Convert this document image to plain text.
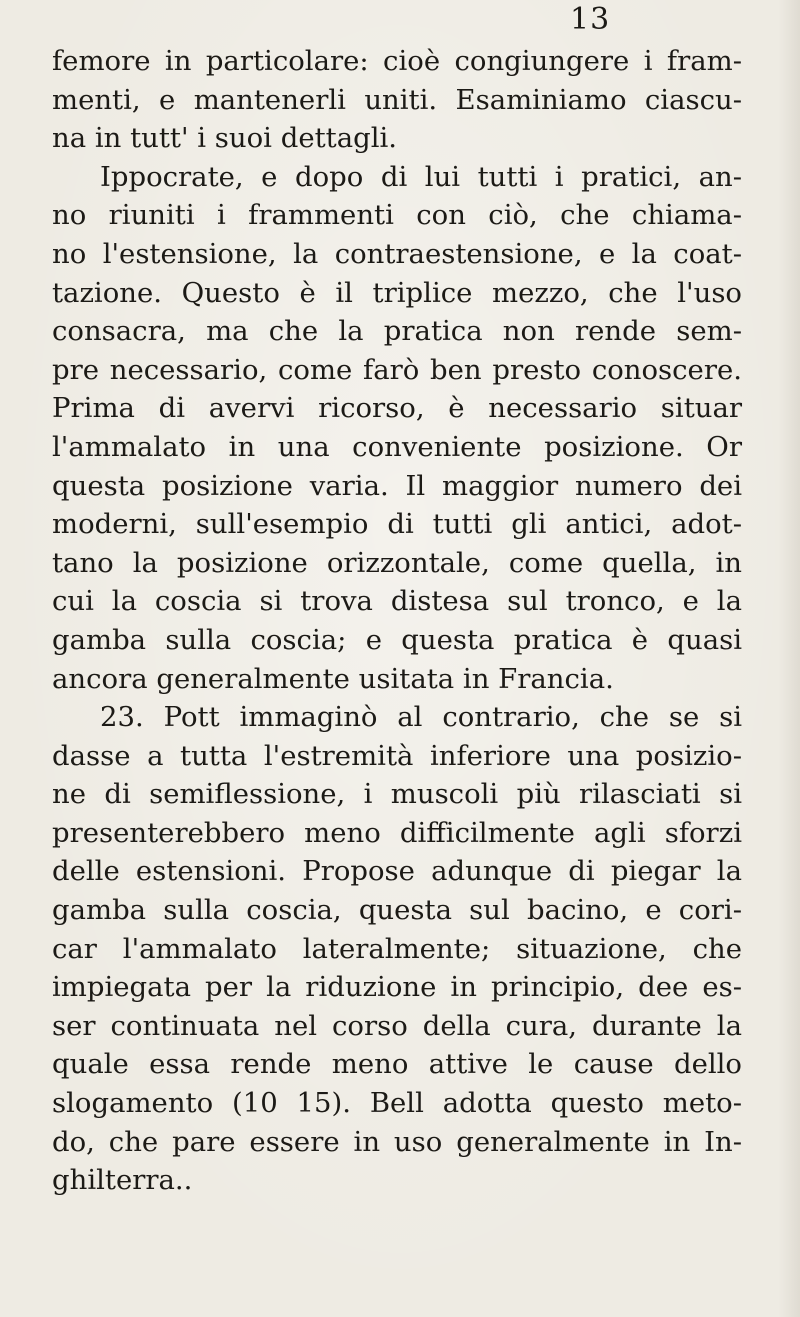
13
femore in particolare: cioè congiungere i fram-
menti, e mantenerli uniti. Esaminiamo ciascu-
na in tutt' i suoi dettagli.
Ippocrate, e dopo di lui tutti i pratici, an-
no riuniti i frammenti con ciò, che chiama-
no l'estensione, la contraestensione, e la coat-
tazione. Questo è il triplice mezzo, che l'uso
consacra, ma che la pratica non rende sem-
pre necessario, come farò ben presto conoscere.
Prima di avervi ricorso, è necessario situar
l'ammalato in una conveniente posizione. Or
questa posizione varia. Il maggior numero dei
moderni, sull'esempio di tutti gli antici, adot-
tano la posizione orizzontale, come quella, in
cui la coscia si trova distesa sul tronco, e la
gamba sulla coscia; e questa pratica è quasi
ancora generalmente usitata in Francia.
23. Pott immaginò al contrario, che se si
dasse a tutta l'estremità inferiore una posizio-
ne di semiflessione, i muscoli più rilasciati si
presenterebbero meno difficilmente agli sforzi
delle estensioni. Propose adunque di piegar la
gamba sulla coscia, questa sul bacino, e cori-
car l'ammalato lateralmente; situazione, che
impiegata per la riduzione in principio, dee es-
ser continuata nel corso della cura, durante la
quale essa rende meno attive le cause dello
slogamento (10 15). Bell adotta questo meto-
do, che pare essere in uso generalmente in In-
ghilterra..
